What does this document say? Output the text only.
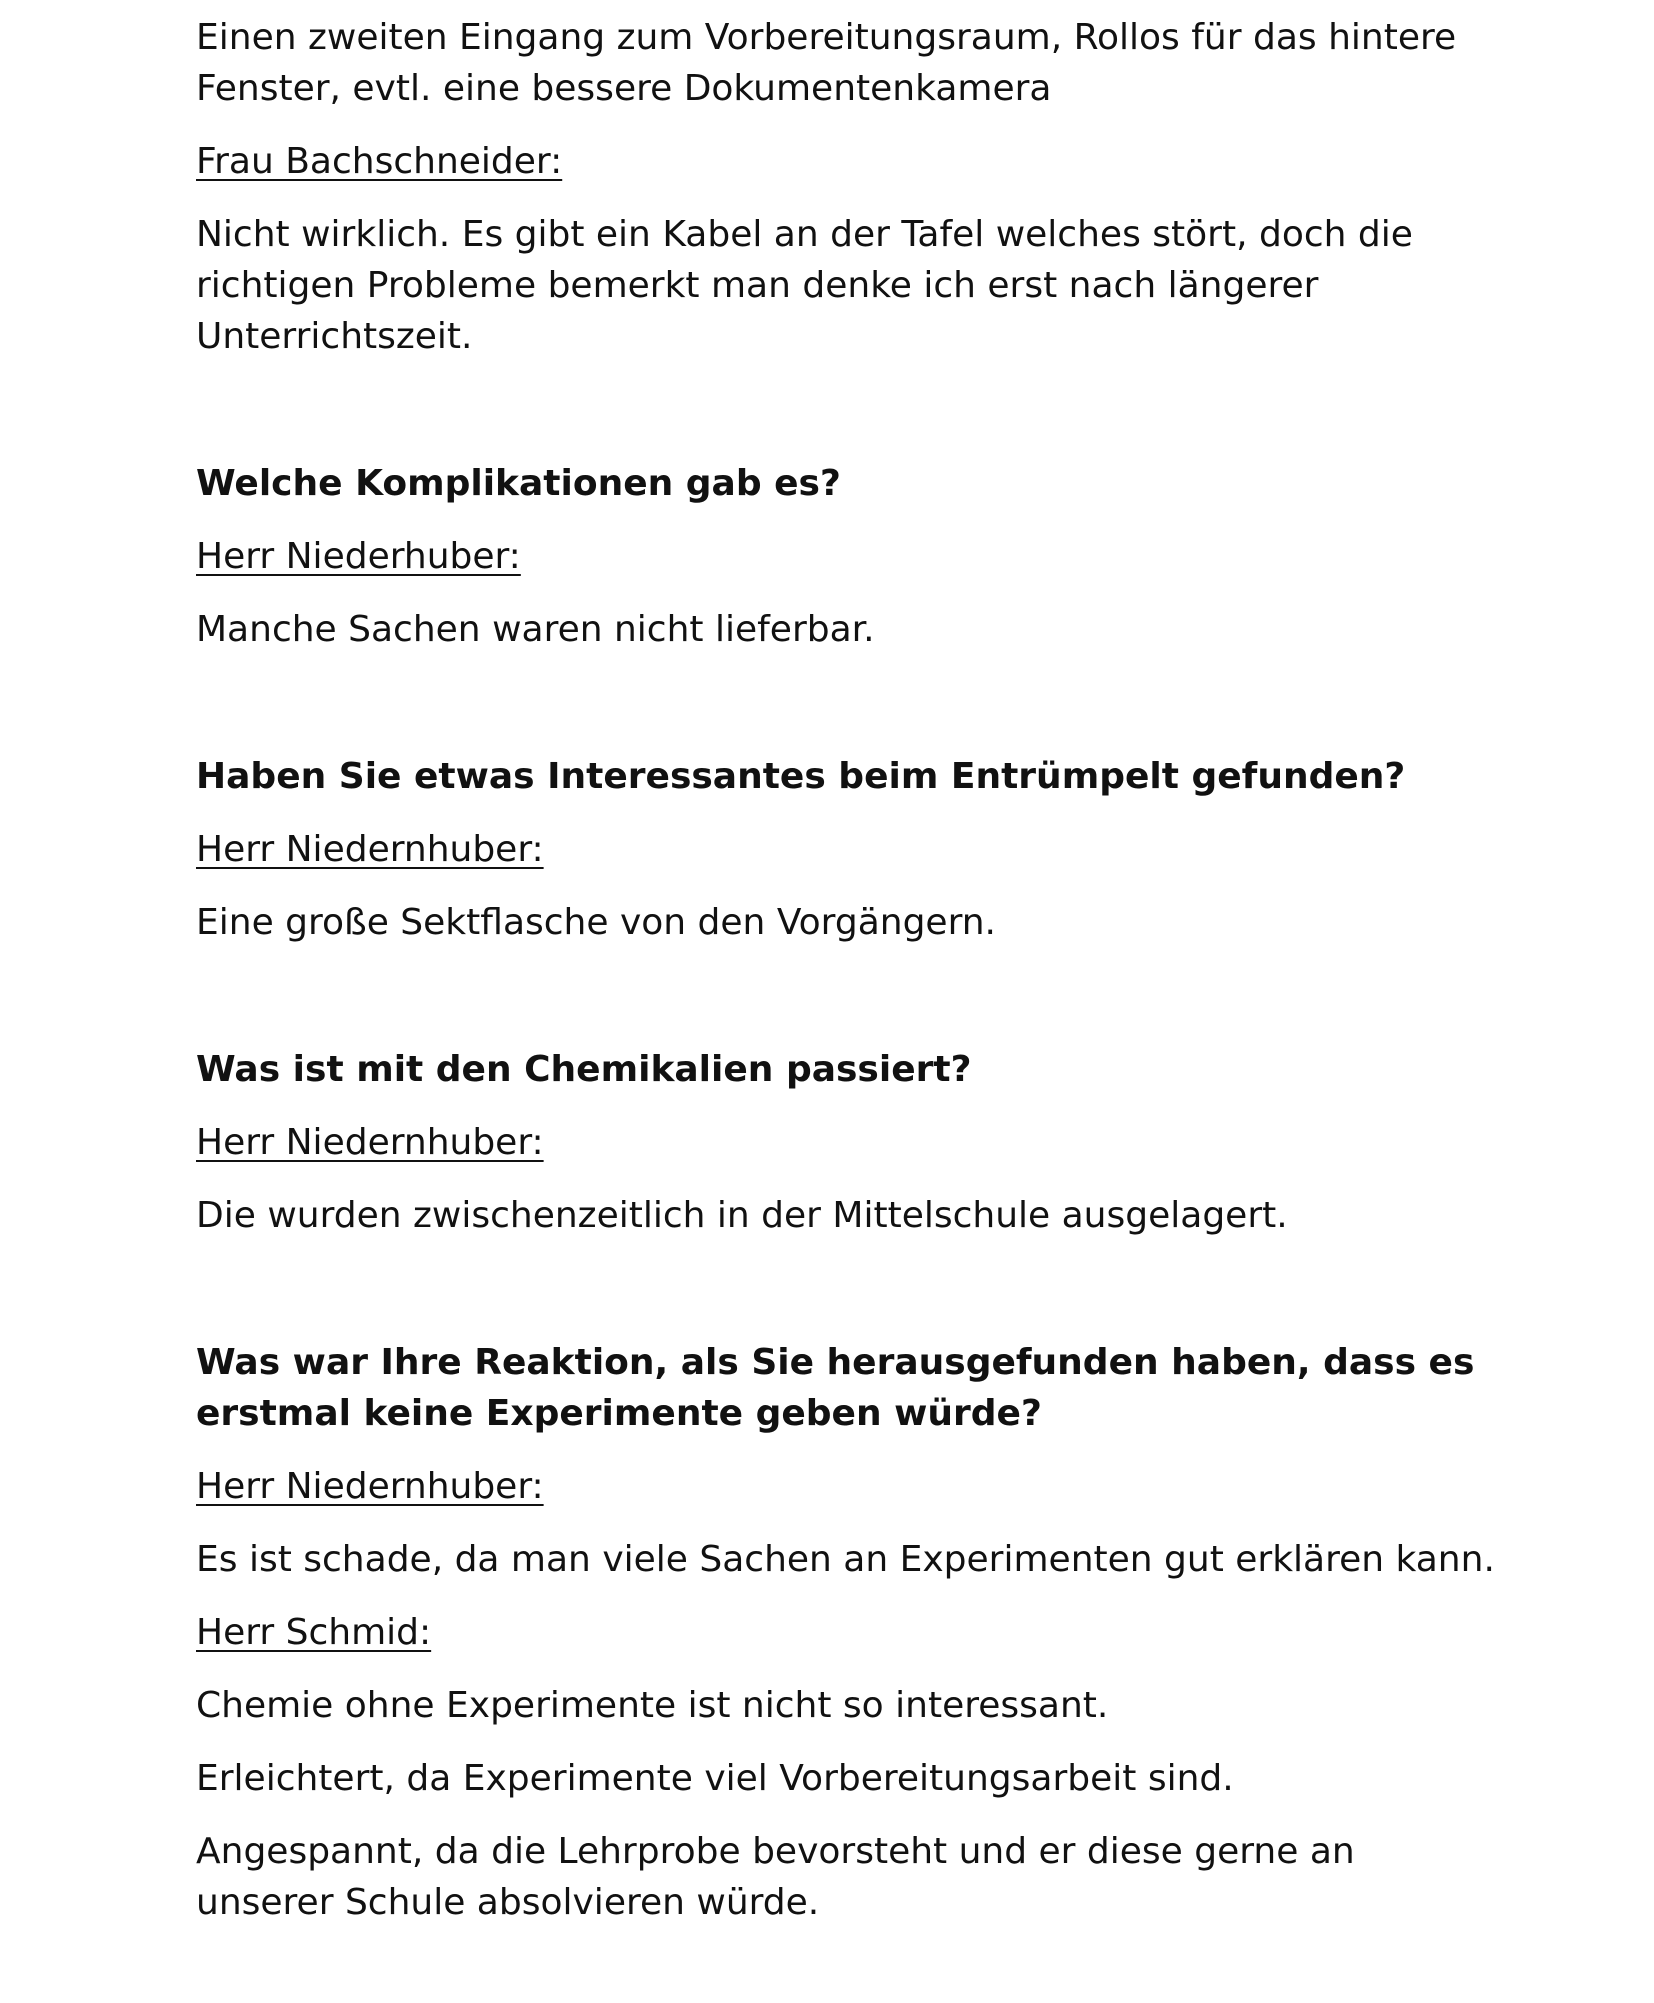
Einen zweiten Eingang zum Vorbereitungsraum, Rollos für das hintere Fenster, evtl. eine bessere Dokumentenkamera

Frau Bachschneider:

Nicht wirklich. Es gibt ein Kabel an der Tafel welches stört, doch die richtigen Probleme bemerkt man denke ich erst nach längerer Unterrichtszeit.

Welche Komplikationen gab es?

Herr Niederhuber:

Manche Sachen waren nicht lieferbar.

Haben Sie etwas Interessantes beim Entrümpelt gefunden?

Herr Niedernhuber:

Eine große Sektflasche von den Vorgängern.

Was ist mit den Chemikalien passiert?

Herr Niedernhuber:

Die wurden zwischenzeitlich in der Mittelschule ausgelagert.

Was war Ihre Reaktion, als Sie herausgefunden haben, dass es erstmal keine Experimente geben würde?

Herr Niedernhuber:

Es ist schade, da man viele Sachen an Experimenten gut erklären kann.

Herr Schmid:

Chemie ohne Experimente ist nicht so interessant.

Erleichtert, da Experimente viel Vorbereitungsarbeit sind.

Angespannt, da die Lehrprobe bevorsteht und er diese gerne an unserer Schule absolvieren würde.
